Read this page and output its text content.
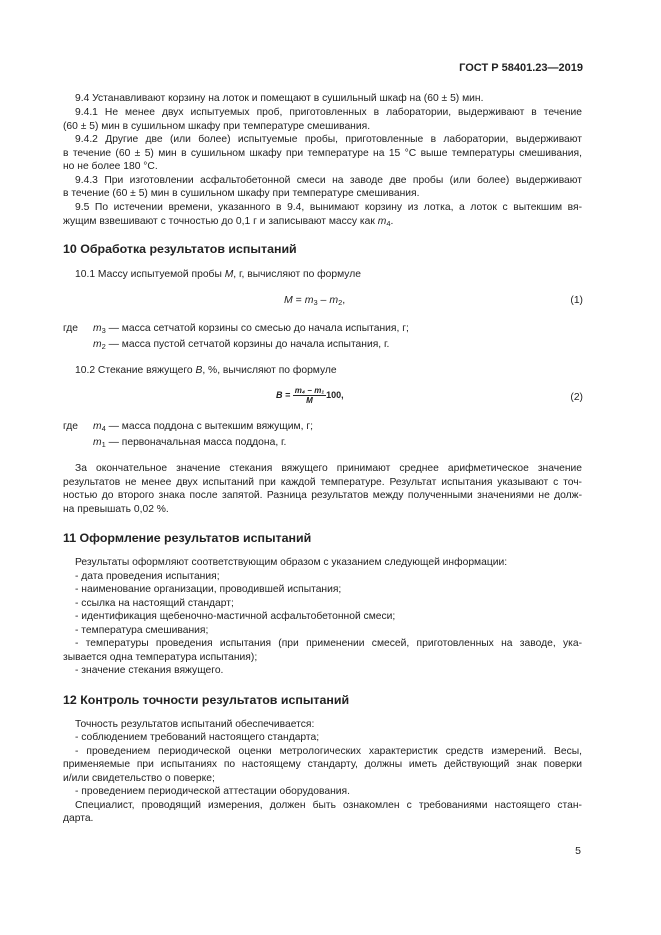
ГОСТ Р 58401.23—2019
9.4 Устанавливают корзину на лоток и помещают в сушильный шкаф на (60 ± 5) мин.
9.4.1 Не менее двух испытуемых проб, приготовленных в лаборатории, выдерживают в течение
(60 ± 5) мин в сушильном шкафу при температуре смешивания.
9.4.2 Другие две (или более) испытуемые пробы, приготовленные в лаборатории, выдерживают
в течение (60 ± 5) мин в сушильном шкафу при температуре на 15 °С выше температуры смешивания,
но не более 180 °С.
9.4.3 При изготовлении асфальтобетонной смеси на заводе две пробы (или более) выдерживают
в течение (60 ± 5) мин в сушильном шкафу при температуре смешивания.
9.5 По истечении времени, указанного в 9.4, вынимают корзину из лотка, а лоток с вытекшим вя-
жущим взвешивают с точностью до 0,1 г и записывают массу как $m_4$.
10 Обработка результатов испытаний
10.1 Массу испытуемой пробы M, г, вычисляют по формуле
$M = m_3 - m_2$,	(1)
где $m_3$ — масса сетчатой корзины со смесью до начала испытания, г;
$m_2$ — масса пустой сетчатой корзины до начала испытания, г.
10.2 Стекание вяжущего B, %, вычисляют по формуле
$B = \frac{\text{m₄ − m₁}}{M} 100$,	(2)
где $m_4$ — масса поддона с вытекшим вяжущим, г;
$m_1$ — первоначальная масса поддона, г.
За окончательное значение стекания вяжущего принимают среднее арифметическое значение
результатов не менее двух испытаний при каждой температуре. Результат испытания указывают с точ-
ностью до второго знака после запятой. Разница результатов между полученными значениями не долж-
на превышать 0,02 %.
11 Оформление результатов испытаний
Результаты оформляют соответствующим образом с указанием следующей информации:
- дата проведения испытания;
- наименование организации, проводившей испытания;
- ссылка на настоящий стандарт;
- идентификация щебеночно-мастичной асфальтобетонной смеси;
- температура смешивания;
- температуры проведения испытания (при применении смесей, приготовленных на заводе, ука-
зывается одна температура испытания);
- значение стекания вяжущего.
12 Контроль точности результатов испытаний
Точность результатов испытаний обеспечивается:
- соблюдением требований настоящего стандарта;
- проведением периодической оценки метрологических характеристик средств измерений. Весы,
применяемые при испытаниях по настоящему стандарту, должны иметь действующий знак поверки
и/или свидетельство о поверке;
- проведением периодической аттестации оборудования.
Специалист, проводящий измерения, должен быть ознакомлен с требованиями настоящего стан-
дарта.
5
